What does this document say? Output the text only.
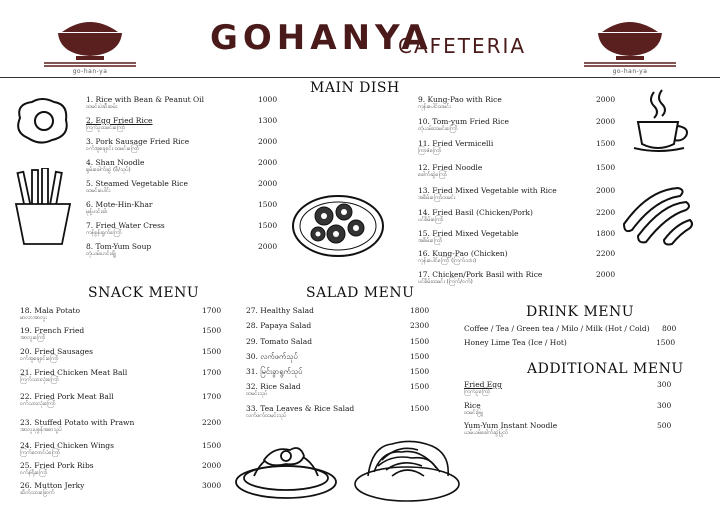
go-han-ya	go-han-ya
GOHANYA
CAFETERIA
MAIN DISH
1. Rice with Bean & Peanut Oil
ထမင်းပဲဆီဆမ်း
1000
2. Egg Fried Rice
ကြက်ဥထမင်းကြော်
1300
3. Pork Sausage Fried Rice
ဝက်အူချောင်း ထမင်းကြော်
2000
4. Shan Noodle
ရှမ်းခေါက်ဆွဲ (စီ/သုပ်)
2000
5. Steamed Vegetable Rice
ထမင်းပေါင်း
2000
6. Mote-Hin-Khar
မုန့်ဟင်းခါး
1500
7. Fried Water Cress
ကန်စွန်းရွက်ကြော်
1500
8. Tom-Yum Soup
တုံယမ်းဟင်းချို
2000
9. Kung-Pao with Rice
ကုန်းပေါင်ထမင်း
2000
10. Tom-yum Fried Rice
တုံယမ်းထမင်းကြော်
2000
11. Fried Vermicelli
ကြာဇံကြော်
1500
12. Fried Noodle
ခေါက်ဆွဲကြော်
1500
13. Fried Mixed Vegetable with Rice
အစိမ်းကြော်ထမင်း
2000
14. Fried Basil (Chicken/Pork)
ပင်စိမ်းကြော်
2200
15. Fried Mixed Vegetable
အစိမ်းကြော်
1800
16. Kung-Pao (Chicken)
ကုန်းပေါင်ကြော် (ကြက်သား)
2200
17. Chicken/Pork Basil with Rice
ပင်စိမ်းထမင်း (ကြက်/ဝက်)
2000
SNACK MENU
18. Mala Potato
မာလာအာလူး
1700
19. French Fried
အာလူးကြော်
1500
20. Fried Sausages
ဝက်အူချောင်းကြော်
1500
21. Fried Chicken Meat Ball
ကြက်သားလုံးကြော်
1700
22. Fried Pork Meat Ball
ဝက်သားလုံးကြော်
1700
23. Stuffed Potato with Prawn
အာလူးပုစွန်အစာသွပ်
2200
24. Fried Chicken Wings
ကြက်တောင်ပံကြော်
1500
25. Fried Pork Ribs
ဝက်နံရိုးကြော်
2000
26. Mutton Jerky
ဆိတ်သားခြောက်
3000
SALAD MENU
27. Healthy Salad	1800
28. Papaya Salad	2300
29. Tomato Salad	1500
30. လက်ဖက်သုပ်	1500
31. မြင်းခွာရွက်သုပ်	1500
32. Rice Salad
ထမင်းသုပ်
1500
33. Tea Leaves & Rice Salad
လက်ဖက်ထမင်းသုပ်
1500
DRINK MENU
Coffee / Tea / Green tea / Milo / Milk (Hot / Cold) 800
Honey Lime Tea (Ice / Hot)	1500
ADDITIONAL MENU
Fried Egg
ကြက်ဥကြော်
300
Rice
ထမင်းဖြူ
300
Yum-Yum Instant Noodle
ယမ်ယမ်ခေါက်ဆွဲပြုတ်
500
